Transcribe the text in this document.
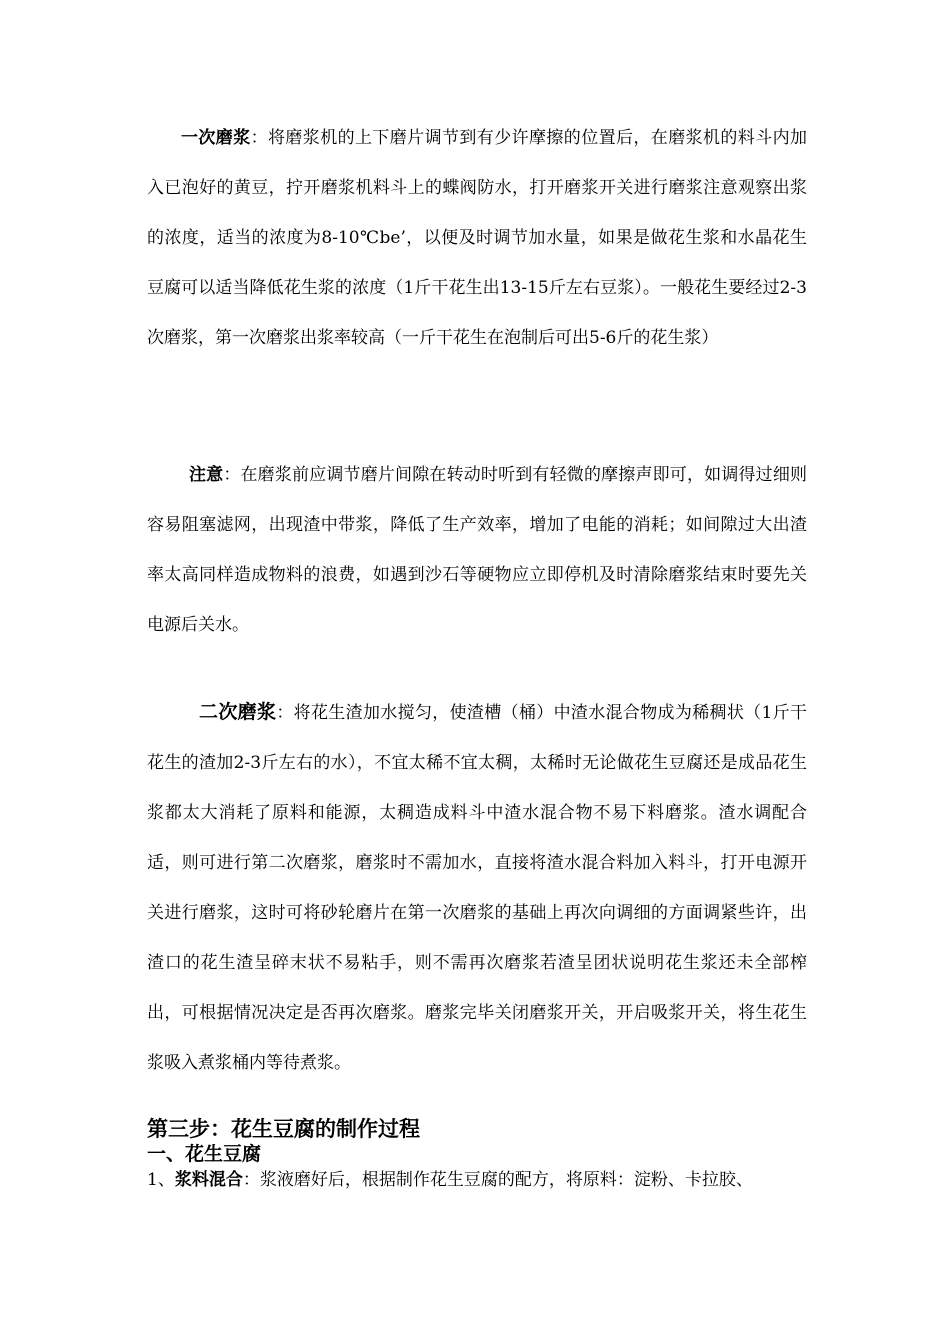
一次磨浆：将磨浆机的上下磨片调节到有少许摩擦的位置后，在磨浆机的料斗内加入已泡好的黄豆，拧开磨浆机料斗上的蝶阀防水，打开磨浆开关进行磨浆注意观察出浆的浓度，适当的浓度为8-10℃be’，以便及时调节加水量，如果是做花生浆和水晶花生豆腐可以适当降低花生浆的浓度（1斤干花生出13-15斤左右豆浆）。一般花生要经过2-3次磨浆，第一次磨浆出浆率较高（一斤干花生在泡制后可出5-6斤的花生浆）

注意：在磨浆前应调节磨片间隙在转动时听到有轻微的摩擦声即可，如调得过细则容易阻塞滤网，出现渣中带浆，降低了生产效率，增加了电能的消耗；如间隙过大出渣率太高同样造成物料的浪费，如遇到沙石等硬物应立即停机及时清除磨浆结束时要先关电源后关水。

二次磨浆：将花生渣加水搅匀，使渣槽（桶）中渣水混合物成为稀稠状（1斤干花生的渣加2-3斤左右的水），不宜太稀不宜太稠，太稀时无论做花生豆腐还是成品花生浆都太大消耗了原料和能源，太稠造成料斗中渣水混合物不易下料磨浆。渣水调配合适，则可进行第二次磨浆，磨浆时不需加水，直接将渣水混合料加入料斗，打开电源开关进行磨浆，这时可将砂轮磨片在第一次磨浆的基础上再次向调细的方面调紧些许，出渣口的花生渣呈碎末状不易粘手，则不需再次磨浆若渣呈团状说明花生浆还未全部榨出，可根据情况决定是否再次磨浆。磨浆完毕关闭磨浆开关，开启吸浆开关，将生花生浆吸入煮浆桶内等待煮浆。

第三步：花生豆腐的制作过程
一、花生豆腐
1、浆料混合：浆液磨好后，根据制作花生豆腐的配方，将原料：淀粉、卡拉胶、
